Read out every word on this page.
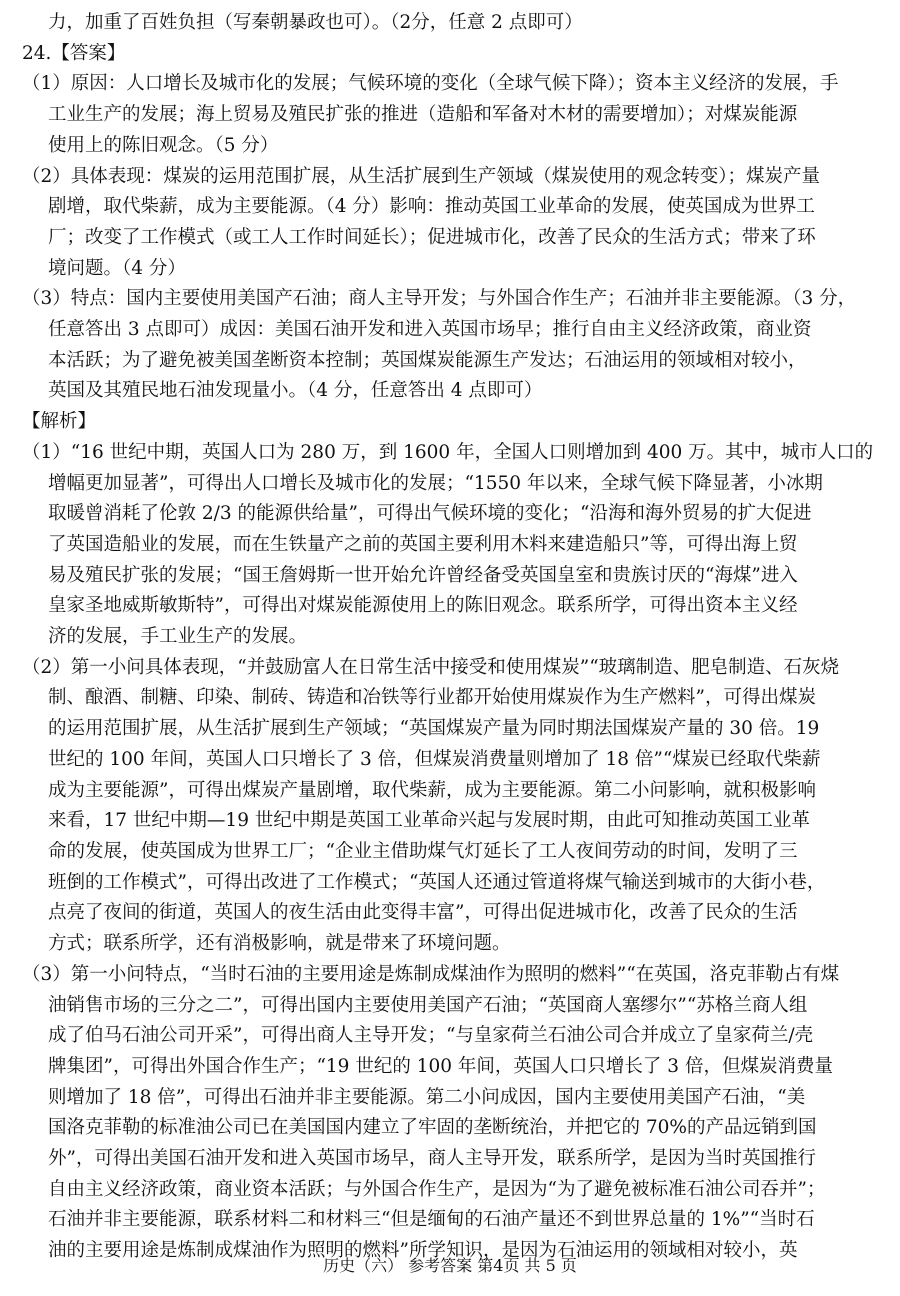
力，加重了百姓负担（写秦朝暴政也可）。（2分，任意 2 点即可）
24.【答案】
（1）原因：人口增长及城市化的发展；气候环境的变化（全球气候下降）；资本主义经济的发展，手
工业生产的发展；海上贸易及殖民扩张的推进（造船和军备对木材的需要增加）；对煤炭能源
使用上的陈旧观念。（5 分）
（2）具体表现：煤炭的运用范围扩展，从生活扩展到生产领域（煤炭使用的观念转变）；煤炭产量
剧增，取代柴薪，成为主要能源。（4 分）影响：推动英国工业革命的发展，使英国成为世界工
厂；改变了工作模式（或工人工作时间延长）；促进城市化，改善了民众的生活方式；带来了环
境问题。（4 分）
（3）特点：国内主要使用美国产石油；商人主导开发；与外国合作生产；石油并非主要能源。（3 分，
任意答出 3 点即可）成因：美国石油开发和进入英国市场早；推行自由主义经济政策，商业资
本活跃；为了避免被美国垄断资本控制；英国煤炭能源生产发达；石油运用的领域相对较小，
英国及其殖民地石油发现量小。（4 分，任意答出 4 点即可）
【解析】
（1）“16 世纪中期，英国人口为 280 万，到 1600 年，全国人口则增加到 400 万。其中，城市人口的
增幅更加显著”，可得出人口增长及城市化的发展；“1550 年以来，全球气候下降显著，小冰期
取暖曾消耗了伦敦 2/3 的能源供给量”，可得出气候环境的变化；“沿海和海外贸易的扩大促进
了英国造船业的发展，而在生铁量产之前的英国主要利用木料来建造船只”等，可得出海上贸
易及殖民扩张的发展；“国王詹姆斯一世开始允许曾经备受英国皇室和贵族讨厌的“海煤”进入
皇家圣地威斯敏斯特”，可得出对煤炭能源使用上的陈旧观念。联系所学，可得出资本主义经
济的发展，手工业生产的发展。
（2）第一小问具体表现，“并鼓励富人在日常生活中接受和使用煤炭”“玻璃制造、肥皂制造、石灰烧
制、酿酒、制糖、印染、制砖、铸造和冶铁等行业都开始使用煤炭作为生产燃料”，可得出煤炭
的运用范围扩展，从生活扩展到生产领域；“英国煤炭产量为同时期法国煤炭产量的 30 倍。19
世纪的 100 年间，英国人口只增长了 3 倍，但煤炭消费量则增加了 18 倍”“煤炭已经取代柴薪
成为主要能源”，可得出煤炭产量剧增，取代柴薪，成为主要能源。第二小问影响，就积极影响
来看，17 世纪中期—19 世纪中期是英国工业革命兴起与发展时期，由此可知推动英国工业革
命的发展，使英国成为世界工厂；“企业主借助煤气灯延长了工人夜间劳动的时间，发明了三
班倒的工作模式”，可得出改进了工作模式；“英国人还通过管道将煤气输送到城市的大街小巷，
点亮了夜间的街道，英国人的夜生活由此变得丰富”，可得出促进城市化，改善了民众的生活
方式；联系所学，还有消极影响，就是带来了环境问题。
（3）第一小问特点，“当时石油的主要用途是炼制成煤油作为照明的燃料”“在英国，洛克菲勒占有煤
油销售市场的三分之二”，可得出国内主要使用美国产石油；“英国商人塞缪尔”“苏格兰商人组
成了伯马石油公司开采”，可得出商人主导开发；“与皇家荷兰石油公司合并成立了皇家荷兰/壳
牌集团”，可得出外国合作生产；“19 世纪的 100 年间，英国人口只增长了 3 倍，但煤炭消费量
则增加了 18 倍”，可得出石油并非主要能源。第二小问成因，国内主要使用美国产石油，“美
国洛克菲勒的标准油公司已在美国国内建立了牢固的垄断统治，并把它的 70%的产品远销到国
外”，可得出美国石油开发和进入英国市场早，商人主导开发，联系所学，是因为当时英国推行
自由主义经济政策，商业资本活跃；与外国合作生产，是因为“为了避免被标准石油公司吞并”；
石油并非主要能源，联系材料二和材料三“但是缅甸的石油产量还不到世界总量的 1%”“当时石
油的主要用途是炼制成煤油作为照明的燃料”所学知识，是因为石油运用的领域相对较小，英
历史（六） 参考答案 第4页 共 5 页
